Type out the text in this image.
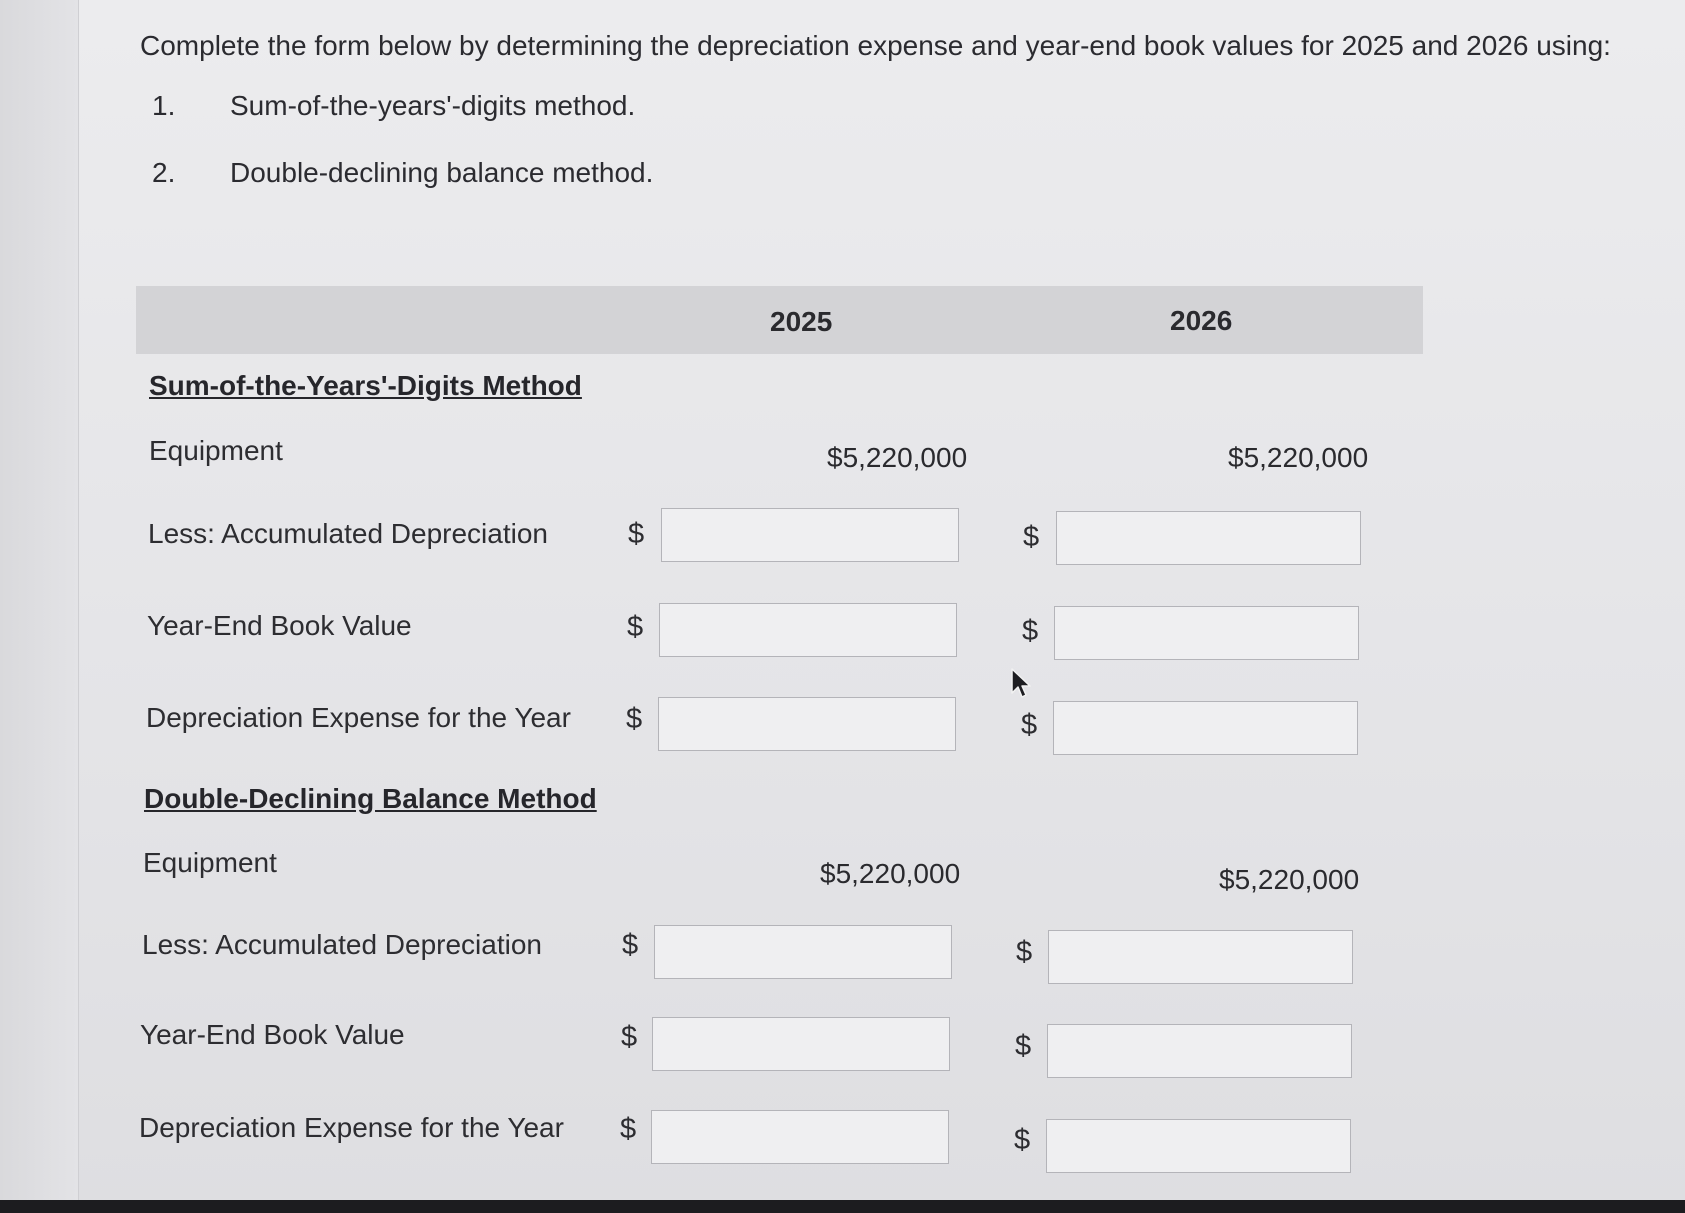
Complete the form below by determining the depreciation expense and year-end book values for 2025 and 2026 using:
1. Sum-of-the-years'-digits method.
2. Double-declining balance method.
2025	2026
Sum-of-the-Years'-Digits Method
Equipment	$5,220,000	$5,220,000
Less: Accumulated Depreciation	$	$
Year-End Book Value	$	$
Depreciation Expense for the Year $	$
Double-Declining Balance Method
Equipment	$5,220,000	$5,220,000
Less: Accumulated Depreciation	$	$
Year-End Book Value	$	$
Depreciation Expense for the Year $	$
